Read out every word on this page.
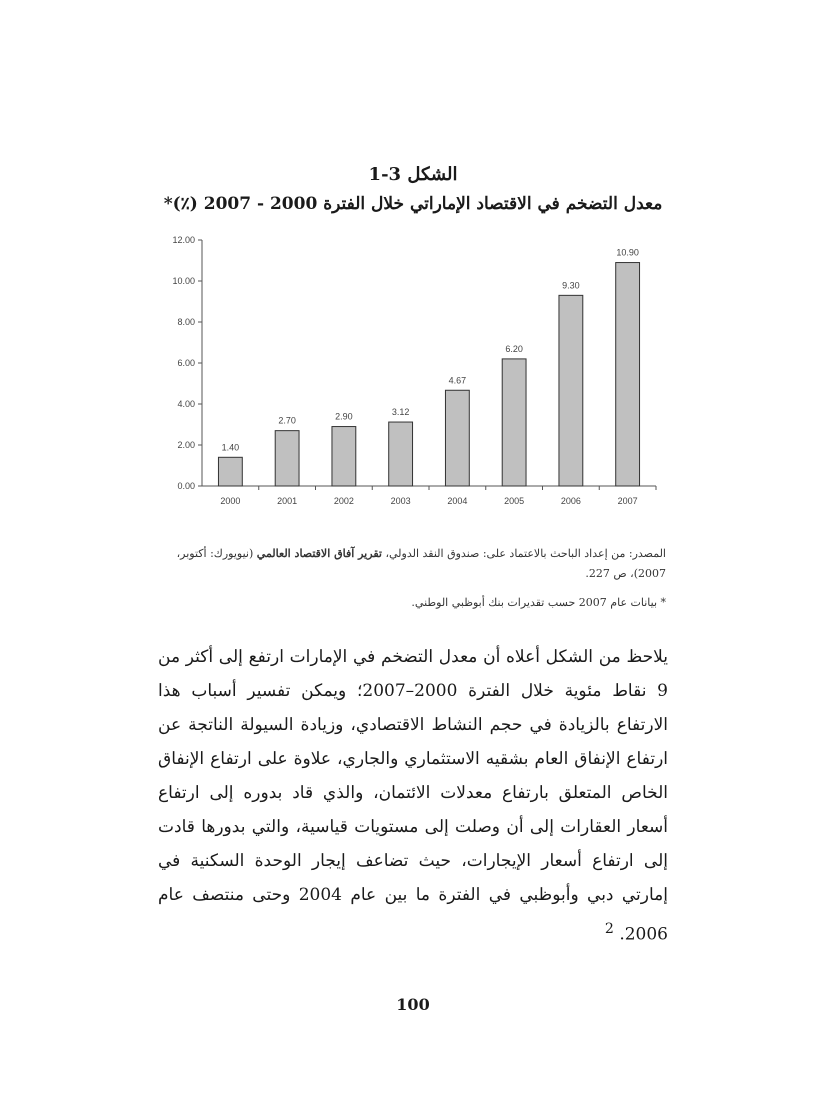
الشكل 3-1
معدل التضخم في الاقتصاد الإماراتي خلال الفترة 2000 - 2007 (٪)*
0.00
2.00
4.00
6.00
8.00
10.00
12.00
1.40
2000
2.70
2001
2.90
2002
3.12
2003
4.67
2004
6.20
2005
9.30
2006
10.90
2007
المصدر: من إعداد الباحث بالاعتماد على: صندوق النقد الدولي، تقرير آفاق الاقتصاد العالمي (نيويورك: أكتوبر، 2007)، ص 227.
* بيانات عام 2007 حسب تقديرات بنك أبوظبي الوطني.
يلاحظ من الشكل أعلاه أن معدل التضخم في الإمارات ارتفع إلى أكثر من 9 نقاط مئوية خلال الفترة 2000–2007؛ ويمكن تفسير أسباب هذا الارتفاع بالزيادة في حجم النشاط الاقتصادي، وزيادة السيولة الناتجة عن ارتفاع الإنفاق العام بشقيه الاستثماري والجاري، علاوة على ارتفاع الإنفاق الخاص المتعلق بارتفاع معدلات الائتمان، والذي قاد بدوره إلى ارتفاع أسعار العقارات إلى أن وصلت إلى مستويات قياسية، والتي بدورها قادت إلى ارتفاع أسعار الإيجارات، حيث تضاعف إيجار الوحدة السكنية في إمارتي دبي وأبوظبي في الفترة ما بين عام 2004 وحتى منتصف عام 2006. $^2$
100
